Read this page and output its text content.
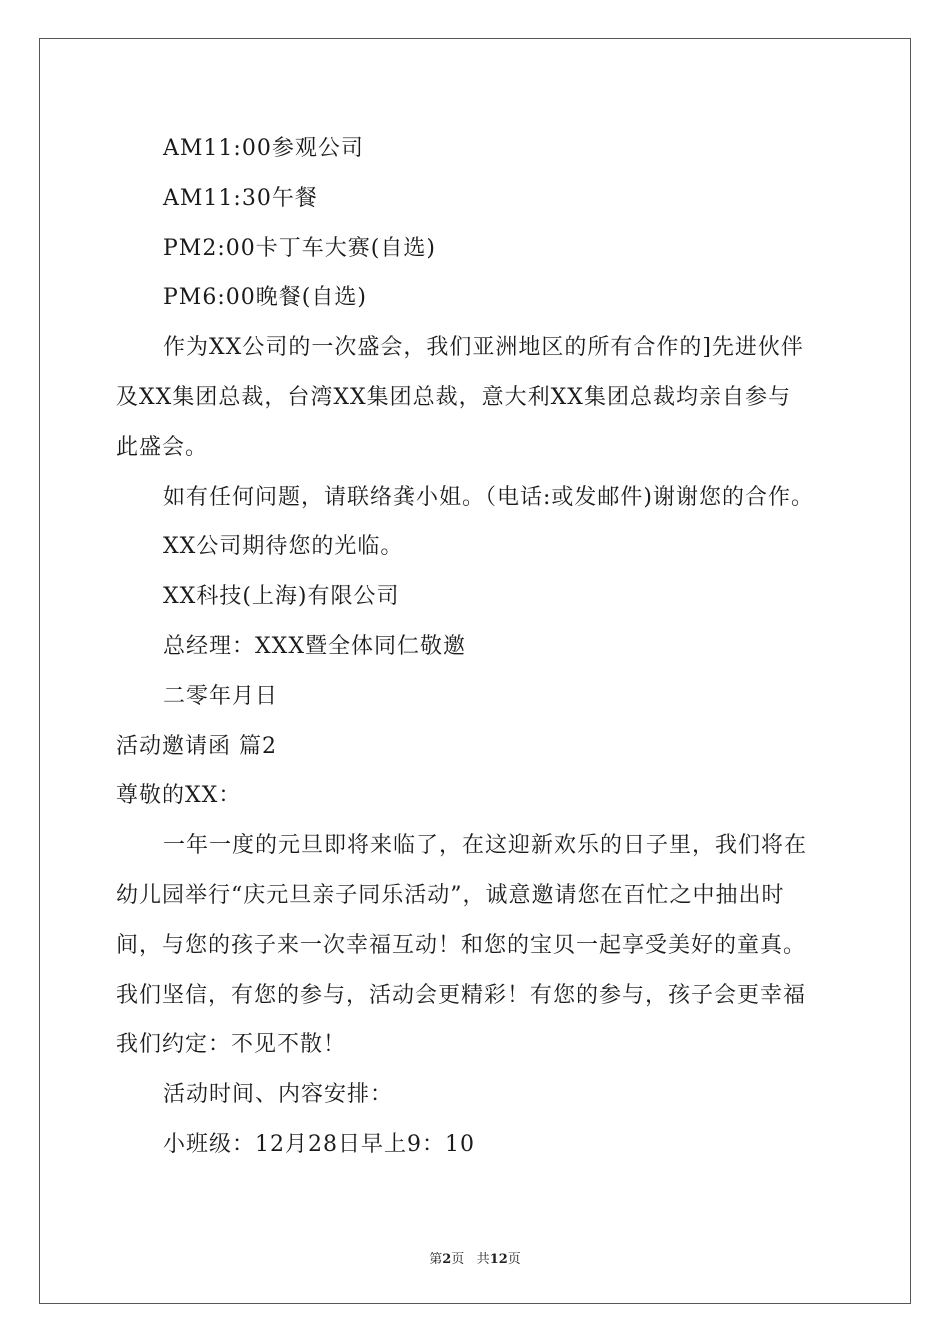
AM11:00参观公司
AM11:30午餐
PM2:00卡丁车大赛(自选)
PM6:00晚餐(自选)
作为XX公司的一次盛会，我们亚洲地区的所有合作的]先进伙伴
及XX集团总裁，台湾XX集团总裁，意大利XX集团总裁均亲自参与
此盛会。
如有任何问题，请联络龚小姐。（电话:或发邮件)谢谢您的合作。
XX公司期待您的光临。
XX科技(上海)有限公司
总经理：XXX暨全体同仁敬邀
二零年月日
活动邀请函 篇2
尊敬的XX：
一年一度的元旦即将来临了，在这迎新欢乐的日子里，我们将在
幼儿园举行“庆元旦亲子同乐活动”，诚意邀请您在百忙之中抽出时
间，与您的孩子来一次幸福互动！和您的宝贝一起享受美好的童真。
我们坚信，有您的参与，活动会更精彩！有您的参与，孩子会更幸福
我们约定：不见不散！
活动时间、内容安排：
小班级：12月28日早上9：10
第2页 共12页
